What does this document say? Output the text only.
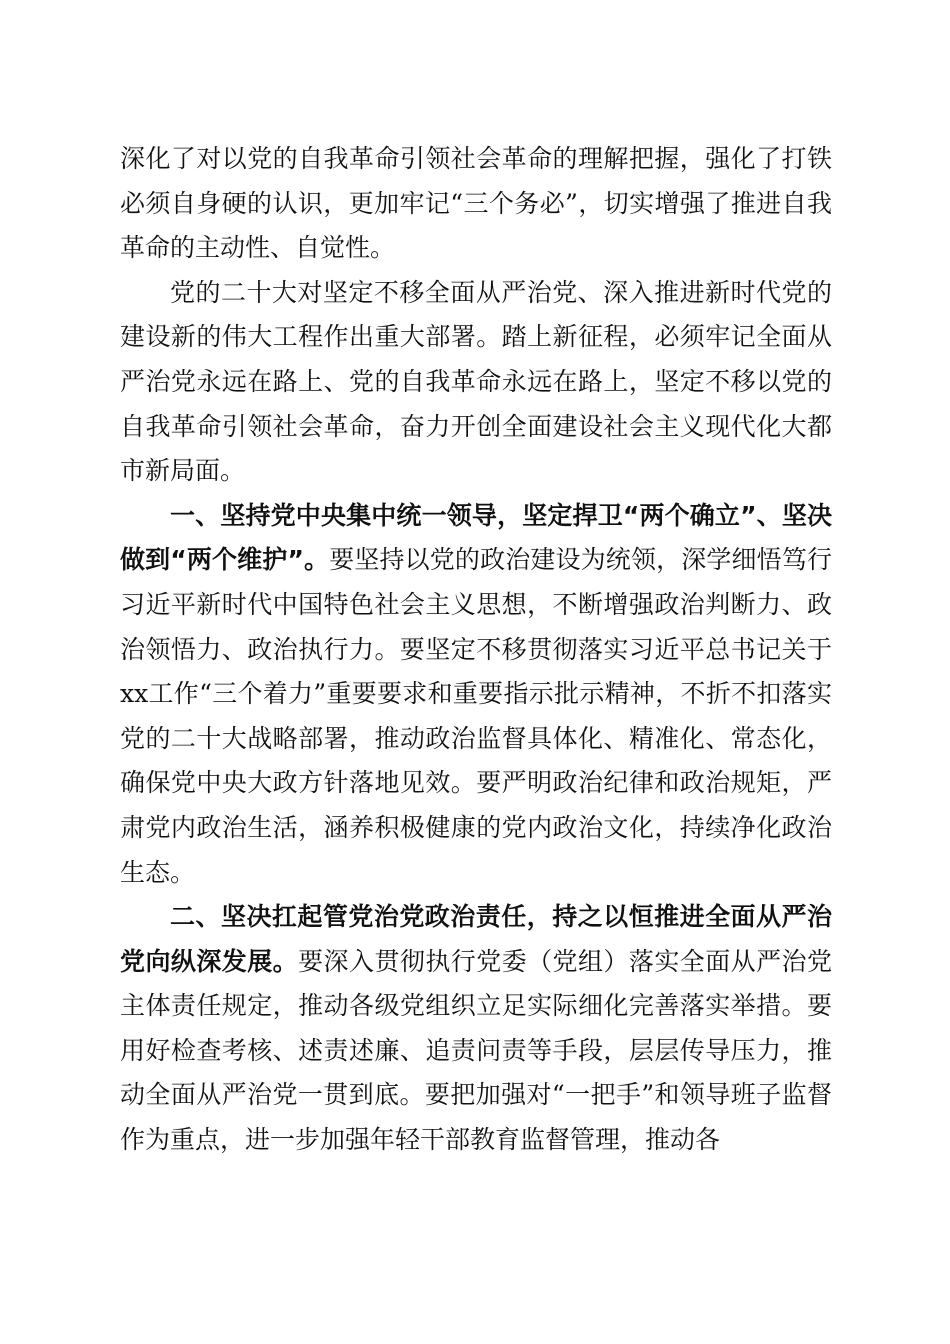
深化了对以党的自我革命引领社会革命的理解把握，强化了打铁必须自身硬的认识，更加牢记“三个务必”，切实增强了推进自我革命的主动性、自觉性。

党的二十大对坚定不移全面从严治党、深入推进新时代党的建设新的伟大工程作出重大部署。踏上新征程，必须牢记全面从严治党永远在路上、党的自我革命永远在路上，坚定不移以党的自我革命引领社会革命，奋力开创全面建设社会主义现代化大都市新局面。

一、坚持党中央集中统一领导，坚定捍卫“两个确立”、坚决做到“两个维护”。要坚持以党的政治建设为统领，深学细悟笃行习近平新时代中国特色社会主义思想，不断增强政治判断力、政治领悟力、政治执行力。要坚定不移贯彻落实习近平总书记关于xx工作“三个着力”重要要求和重要指示批示精神，不折不扣落实党的二十大战略部署，推动政治监督具体化、精准化、常态化，确保党中央大政方针落地见效。要严明政治纪律和政治规矩，严肃党内政治生活，涵养积极健康的党内政治文化，持续净化政治生态。

二、坚决扛起管党治党政治责任，持之以恒推进全面从严治党向纵深发展。要深入贯彻执行党委（党组）落实全面从严治党主体责任规定，推动各级党组织立足实际细化完善落实举措。要用好检查考核、述责述廉、追责问责等手段，层层传导压力，推动全面从严治党一贯到底。要把加强对“一把手”和领导班子监督作为重点，进一步加强年轻干部教育监督管理，推动各
